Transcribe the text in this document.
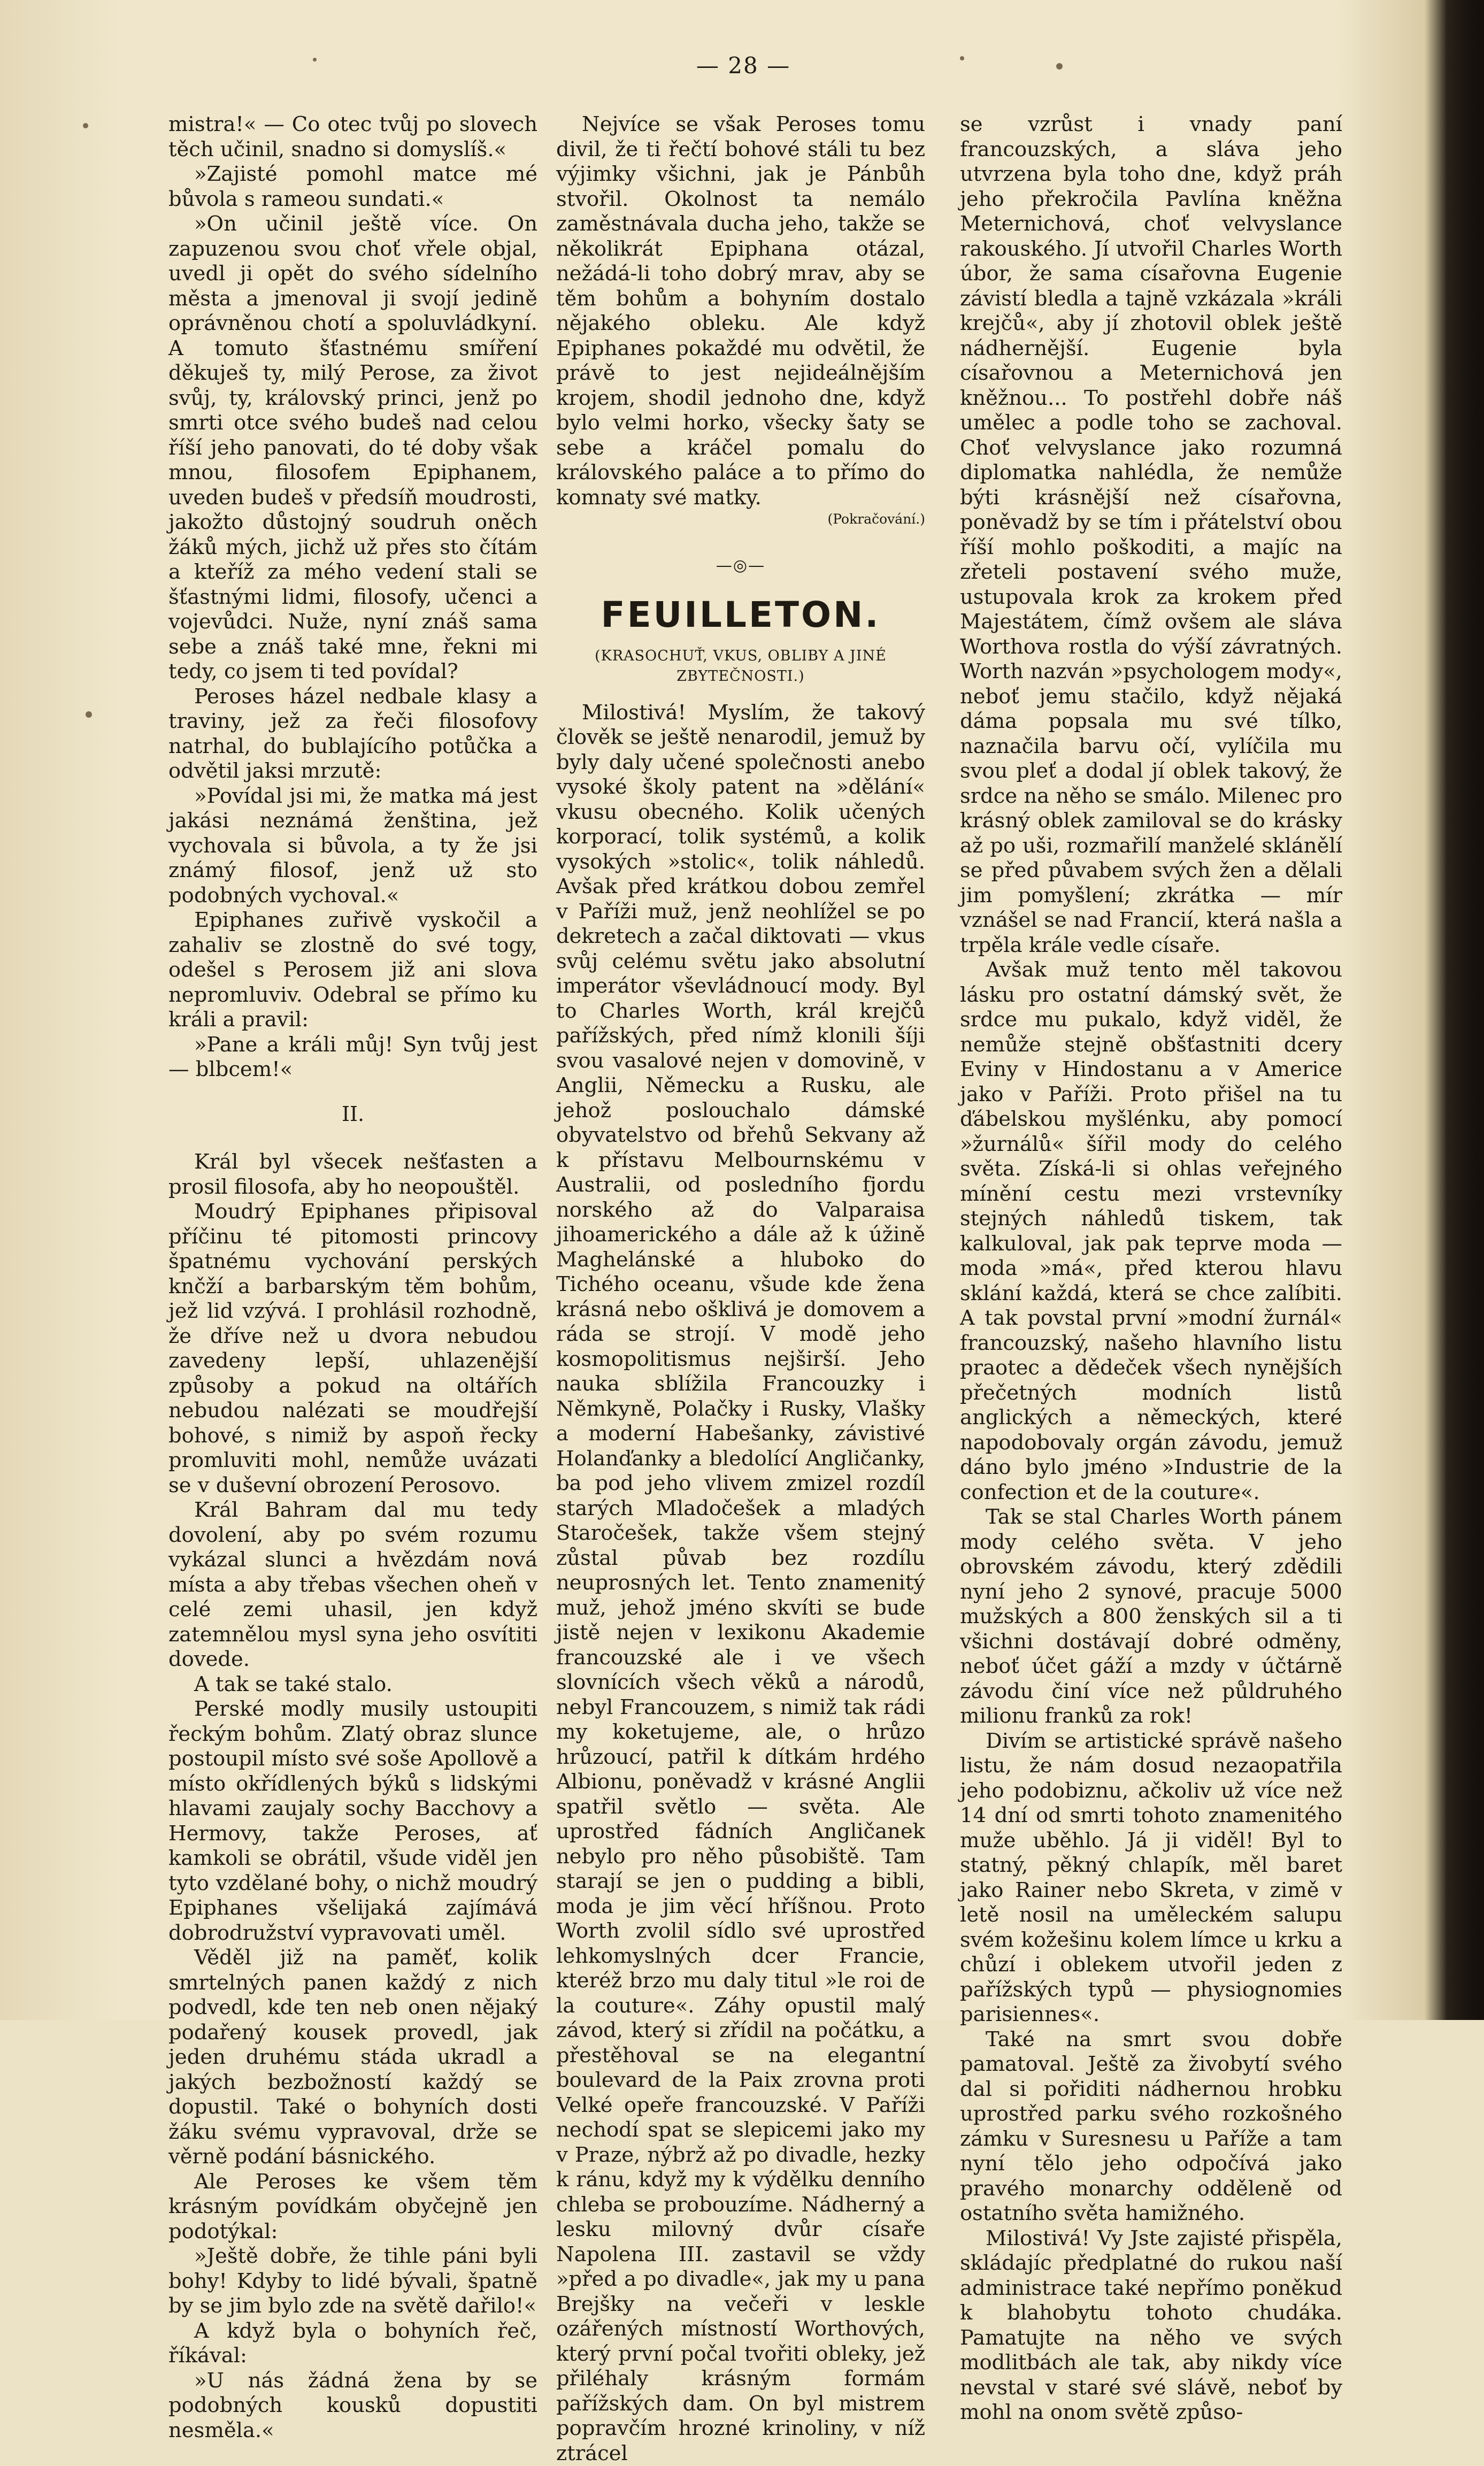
— 28 —

mistra!« — Co otec tvůj po slovech těch učinil, snadno si domyslíš.«

»Zajisté pomohl matce mé bůvola s rameou sundati.«

»On učinil ještě více. On zapuzenou svou choť vřele objal, uvedl ji opět do svého sídelního města a jmenoval ji svojí jedině oprávněnou chotí a spoluvládkyní. A tomuto šťastnému smíření děkuješ ty, milý Perose, za život svůj, ty, královský princi, jenž po smrti otce svého budeš nad celou říší jeho panovati, do té doby však mnou, filosofem Epiphanem, uveden budeš v předsíň moudrosti, jakožto důstojný soudruh oněch žáků mých, jichž už přes sto čítám a kteříž za mého vedení stali se šťastnými lidmi, filosofy, učenci a vojevůdci. Nuže, nyní znáš sama sebe a znáš také mne, řekni mi tedy, co jsem ti ted povídal?

Peroses házel nedbale klasy a traviny, jež za řeči filosofovy natrhal, do bublajícího potůčka a odvětil jaksi mrzutě:

»Povídal jsi mi, že matka má jest jakási neznámá ženština, jež vychovala si bůvola, a ty že jsi známý filosof, jenž už sto podobných vychoval.«

Epiphanes zuřivě vyskočil a zahaliv se zlostně do své togy, odešel s Perosem již ani slova nepromluviv. Odebral se přímo ku králi a pravil:

»Pane a králi můj! Syn tvůj jest — blbcem!«

II.

Král byl všecek nešťasten a prosil filosofa, aby ho neopouštěl.

Moudrý Epiphanes připisoval příčinu té pitomosti princovy špatnému vychování perských knčží a barbarským těm bohům, jež lid vzývá. I prohlásil rozhodně, že dříve než u dvora nebudou zavedeny lepší, uhlazenější způsoby a pokud na oltářích nebudou nalézati se moudřejší bohové, s nimiž by aspoň řecky promluviti mohl, nemůže uvázati se v duševní obrození Perosovo.

Král Bahram dal mu tedy dovolení, aby po svém rozumu vykázal slunci a hvězdám nová místa a aby třebas všechen oheň v celé zemi uhasil, jen když zatemnělou mysl syna jeho osvítiti dovede.

A tak se také stalo.

Perské modly musily ustoupiti řeckým bohům. Zlatý obraz slunce postoupil místo své soše Apollově a místo okřídlených býků s lidskými hlavami zaujaly sochy Bacchovy a Hermovy, takže Peroses, ať kamkoli se obrátil, všude viděl jen tyto vzdělané bohy, o nichž moudrý Epiphanes všelijaká zajímává dobrodružství vypravovati uměl.

Věděl již na paměť, kolik smrtelných panen každý z nich podvedl, kde ten neb onen nějaký podařený kousek provedl, jak jeden druhému stáda ukradl a jakých bezbožností každý se dopustil. Také o bohyních dosti žáku svému vypravoval, drže se věrně podání básnického.

Ale Peroses ke všem těm krásným povídkám obyčejně jen podotýkal:

»Ještě dobře, že tihle páni byli bohy! Kdyby to lidé bývali, špatně by se jim bylo zde na světě dařilo!«

A když byla o bohyních řeč, říkával:

»U nás žádná žena by se podobných kousků dopustiti nesměla.«

Nejvíce se však Peroses tomu divil, že ti řečtí bohové stáli tu bez výjimky všichni, jak je Pánbůh stvořil. Okolnost ta nemálo zaměstnávala ducha jeho, takže se několikrát Epiphana otázal, nežádá-li toho dobrý mrav, aby se těm bohům a bohyním dostalo nějakého obleku. Ale když Epiphanes pokaždé mu odvětil, že právě to jest nejideálnějším krojem, shodil jednoho dne, když bylo velmi horko, všecky šaty se sebe a kráčel pomalu do královského paláce a to přímo do komnaty své matky.

(Pokračování.)
—◎—
FEUILLETON.
(KRASOCHUŤ, VKUS, OBLIBY A JINÉ ZBYTEČNOSTI.)

Milostivá! Myslím, že takový člověk se ještě nenarodil, jemuž by byly daly učené společnosti anebo vysoké školy patent na »dělání« vkusu obecného. Kolik učených korporací, tolik systémů, a kolik vysokých »stolic«, tolik náhledů. Avšak před krátkou dobou zemřel v Paříži muž, jenž neohlížel se po dekretech a začal diktovati — vkus svůj celému světu jako absolutní imperátor vševládnoucí mody. Byl to Charles Worth, král krejčů pařížských, před nímž klonili šíji svou vasalové nejen v domovině, v Anglii, Německu a Rusku, ale jehož poslouchalo dámské obyvatelstvo od břehů Sekvany až k přístavu Melbournskému v Australii, od posledního fjordu norského až do Valparaisa jihoamerického a dále až k úžině Maghelánské a hluboko do Tichého oceanu, všude kde žena krásná nebo ošklivá je domovem a ráda se strojí. V modě jeho kosmopolitismus nejširší. Jeho nauka sblížila Francouzky i Němkyně, Polačky i Rusky, Vlašky a moderní Habešanky, závistivé Holanďanky a bledolící Angličanky, ba pod jeho vlivem zmizel rozdíl starých Mladočešek a mladých Staročešek, takže všem stejný zůstal půvab bez rozdílu neuprosných let. Tento znamenitý muž, jehož jméno skvíti se bude jistě nejen v lexikonu Akademie francouzské ale i ve všech slovnících všech věků a národů, nebyl Francouzem, s nimiž tak rádi my koketujeme, ale, o hrůzo hrůzoucí, patřil k dítkám hrdého Albionu, poněvadž v krásné Anglii spatřil světlo — světa. Ale uprostřed fádních Angličanek nebylo pro něho působiště. Tam starají se jen o pudding a bibli, moda je jim věcí hříšnou. Proto Worth zvolil sídlo své uprostřed lehkomyslných dcer Francie, kteréž brzo mu daly titul »le roi de la couture«. Záhy opustil malý závod, který si zřídil na počátku, a přestěhoval se na elegantní boulevard de la Paix zrovna proti Velké opeře francouzské. V Paříži nechodí spat se slepicemi jako my v Praze, nýbrž až po divadle, hezky k ránu, když my k výdělku denního chleba se probouzíme. Nádherný a lesku milovný dvůr císaře Napolena III. zastavil se vždy »před a po divadle«, jak my u pana Brejšky na večeři v leskle ozářených místností Worthových, který první počal tvořiti obleky, jež přiléhaly krásným formám pařížských dam. On byl mistrem popravčím hrozné krinoliny, v níž ztrácel

se vzrůst i vnady paní francouzských, a sláva jeho utvrzena byla toho dne, když práh jeho překročila Pavlína kněžna Meternichová, choť velvyslance rakouského. Jí utvořil Charles Worth úbor, že sama císařovna Eugenie závistí bledla a tajně vzkázala »králi krejčů«, aby jí zhotovil oblek ještě nádhernější. Eugenie byla císařovnou a Meternichová jen kněžnou... To postřehl dobře náš umělec a podle toho se zachoval. Choť velvyslance jako rozumná diplomatka nahlédla, že nemůže býti krásnější než císařovna, poněvadž by se tím i přátelství obou říší mohlo poškoditi, a majíc na zřeteli postavení svého muže, ustupovala krok za krokem před Majestátem, čímž ovšem ale sláva Worthova rostla do výší závratných. Worth nazván »psychologem mody«, neboť jemu stačilo, když nějaká dáma popsala mu své tílko, naznačila barvu očí, vylíčila mu svou pleť a dodal jí oblek takový, že srdce na něho se smálo. Milenec pro krásný oblek zamiloval se do krásky až po uši, rozmařilí manželé sklánělí se před půvabem svých žen a dělali jim pomyšlení; zkrátka — mír vznášel se nad Francií, která našla a trpěla krále vedle císaře.

Avšak muž tento měl takovou lásku pro ostatní dámský svět, že srdce mu pukalo, když viděl, že nemůže stejně obšťastniti dcery Eviny v Hindostanu a v Americe jako v Paříži. Proto přišel na tu ďábelskou myšlénku, aby pomocí »žurnálů« šířil mody do celého světa. Získá-li si ohlas veřejného mínění cestu mezi vrstevníky stejných náhledů tiskem, tak kalkuloval, jak pak teprve moda — moda »má«, před kterou hlavu sklání každá, která se chce zalíbiti. A tak povstal první »modní žurnál« francouzský, našeho hlavního listu praotec a dědeček všech nynějších přečetných modních listů anglických a německých, které napodobovaly orgán závodu, jemuž dáno bylo jméno »Industrie de la confection et de la couture«.

Tak se stal Charles Worth pánem mody celého světa. V jeho obrovském závodu, který zdědili nyní jeho 2 synové, pracuje 5000 mužských a 800 ženských sil a ti všichni dostávají dobré odměny, neboť účet gáží a mzdy v účtárně závodu činí více než půldruhého milionu franků za rok!

Divím se artistické správě našeho listu, že nám dosud nezaopatřila jeho podobiznu, ačkoliv už více než 14 dní od smrti tohoto znamenitého muže uběhlo. Já ji viděl! Byl to statný, pěkný chlapík, měl baret jako Rainer nebo Skreta, v zimě v letě nosil na uměleckém salupu svém kožešinu kolem límce u krku a chůzí i oblekem utvořil jeden z pařížských typů — physiognomies parisiennes«.

Také na smrt svou dobře pamatoval. Ještě za živobytí svého dal si pořiditi nádhernou hrobku uprostřed parku svého rozkošného zámku v Suresnesu u Paříže a tam nyní tělo jeho odpočívá jako pravého monarchy odděleně od ostatního světa hamižného.

Milostivá! Vy Jste zajisté přispěla, skládajíc předplatné do rukou naší administrace také nepřímo poněkud k blahobytu tohoto chudáka. Pamatujte na něho ve svých modlitbách ale tak, aby nikdy více nevstal v staré své slávě, neboť by mohl na onom světě způso-
